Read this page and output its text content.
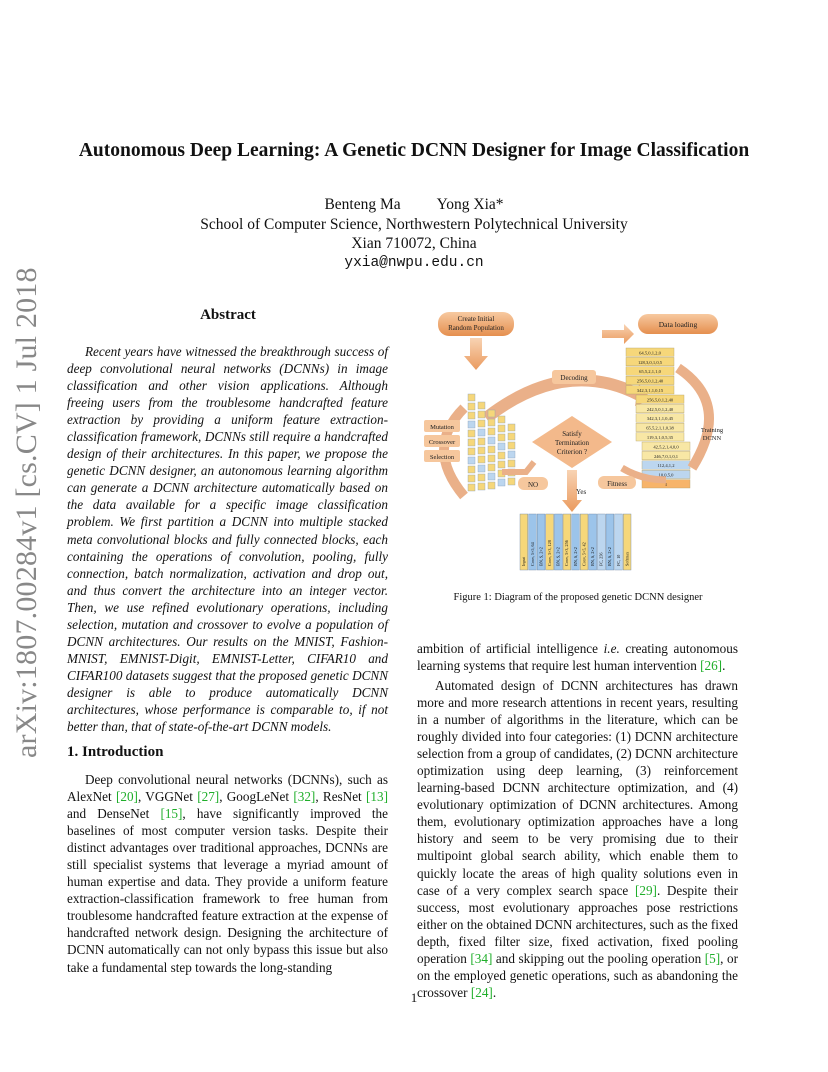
arXiv:1807.00284v1 [cs.CV] 1 Jul 2018
Autonomous Deep Learning: A Genetic DCNN Designer for Image Classification
Benteng Ma Yong Xia*
School of Computer Science, Northwestern Polytechnical University
Xian 710072, China
yxia@nwpu.edu.cn
Abstract
Recent years have witnessed the breakthrough success of deep convolutional neural networks (DCNNs) in image classification and other vision applications. Although freeing users from the troublesome handcrafted feature extraction by providing a uniform feature extraction-classification framework, DCNNs still require a handcrafted design of their architectures. In this paper, we propose the genetic DCNN designer, an autonomous learning algorithm can generate a DCNN architecture automatically based on the data available for a specific image classification problem. We first partition a DCNN into multiple stacked meta convolutional blocks and fully connected blocks, each containing the operations of convolution, pooling, fully connection, batch normalization, activation and drop out, and thus convert the architecture into an integer vector. Then, we use refined evolutionary operations, including selection, mutation and crossover to evolve a population of DCNN architectures. Our results on the MNIST, Fashion-MNIST, EMNIST-Digit, EMNIST-Letter, CIFAR10 and CIFAR100 datasets suggest that the proposed genetic DCNN designer is able to produce automatically DCNN architectures, whose performance is comparable to, if not better than, that of state-of-the-art DCNN models.
1. Introduction
Deep convolutional neural networks (DCNNs), such as AlexNet [20], VGGNet [27], GoogLeNet [32], ResNet [13] and DenseNet [15], have significantly improved the baselines of most computer version tasks. Despite their distinct advantages over traditional approaches, DCNNs are still specialist systems that leverage a myriad amount of human expertise and data. They provide a uniform feature extraction-classification framework to free human from troublesome handcrafted feature extraction at the expense of handcrafted network design. Designing the architecture of DCNN automatically can not only bypass this issue but also take a fundamental step towards the long-standing
ambition of artificial intelligence i.e. creating autonomous learning systems that require lest human intervention [26].
Automated design of DCNN architectures has drawn more and more research attentions in recent years, resulting in a number of algorithms in the literature, which can be roughly divided into four categories: (1) DCNN architecture selection from a group of candidates, (2) DCNN architecture optimization using deep learning, (3) reinforcement learning-based DCNN architecture optimization, and (4) evolutionary optimization of DCNN architectures. Among them, evolutionary optimization approaches have a long history and seem to be very promising due to their multipoint global search ability, which enable them to quickly locate the areas of high quality solutions even in case of a very complex search space [29]. Despite their success, most evolutionary approaches pose restrictions either on the obtained DCNN architectures, such as the fixed depth, fixed filter size, fixed activation, fixed pooling operation [34] and skipping out the pooling operation [5], or on the employed genetic operations, such as abandoning the crossover [24].
Create Initial
Random Population	Data loading
Decoding
Mutation
Crossover
Selection
64,5,0,1,2,0
128,3,0,1,0,5
65,5,2,1,1,0
256,5,0,1,2,40
342,3,1,1,0,15
256,5,0,1,2,40
242,5,0,1,2,40
342,3,1,1,0,45
65,5,2,1,1,0,38
119,3,1,0,5,35
42,5,2,1,4,0,0
246,7,0,1,0,1
112,4,1,2
10,0,5,0
1
Satisfy
Termination
Criterion ?
NO
Yes
Fitness
Training
DCNN
Input Conv, 5×5, 64 BN, S, 2×2 Conv, 3×3, 128 BN, S, 2×2 Conv, 3×3, 256 BN, S, 2×2 Conv, 5×5, 42 BN, S, 2×2 FC, 256 BN, S, 2×2 FC, 10 Softmax
Figure 1: Diagram of the proposed genetic DCNN designer
1
